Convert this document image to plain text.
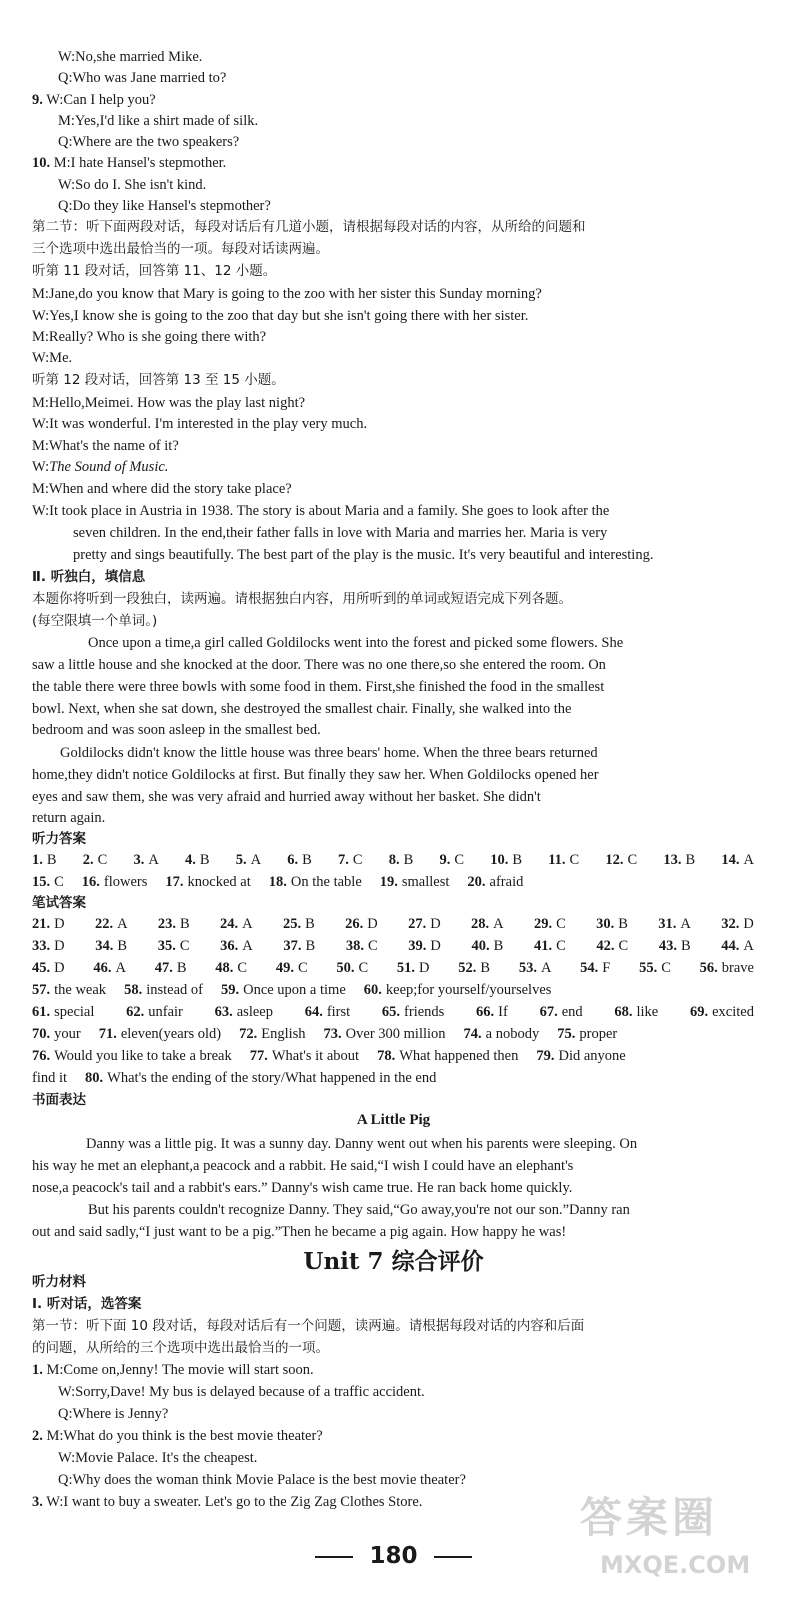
W:No,she married Mike.
Q:Who was Jane married to?
9. W:Can I help you?
M:Yes,I'd like a shirt made of silk.
Q:Where are the two speakers?
10. M:I hate Hansel's stepmother.
W:So do I. She isn't kind.
Q:Do they like Hansel's stepmother?
第二节：听下面两段对话，每段对话后有几道小题，请根据每段对话的内容，从所给的问题和
三个选项中选出最恰当的一项。每段对话读两遍。
听第 11 段对话，回答第 11、12 小题。
M:Jane,do you know that Mary is going to the zoo with her sister this Sunday morning?
W:Yes,I know she is going to the zoo that day but she isn't going there with her sister.
M:Really? Who is she going there with?
W:Me.
听第 12 段对话，回答第 13 至 15 小题。
M:Hello,Meimei. How was the play last night?
W:It was wonderful. I'm interested in the play very much.
M:What's the name of it?
W:The Sound of Music.
M:When and where did the story take place?
W:It took place in Austria in 1938. The story is about Maria and a family. She goes to look after the
seven children. In the end,their father falls in love with Maria and marries her. Maria is very
pretty and sings beautifully. The best part of the play is the music. It's very beautiful and interesting.
Ⅱ. 听独白，填信息
本题你将听到一段独白，读两遍。请根据独白内容，用所听到的单词或短语完成下列各题。
(每空限填一个单词。)
Once upon a time,a girl called Goldilocks went into the forest and picked some flowers. She
saw a little house and she knocked at the door. There was no one there,so she entered the room. On
the table there were three bowls with some food in them. First,she finished the food in the smallest
bowl. Next, when she sat down, she destroyed the smallest chair. Finally, she walked into the
bedroom and was soon asleep in the smallest bed.
Goldilocks didn't know the little house was three bears' home. When the three bears returned
home,they didn't notice Goldilocks at first. But finally they saw her. When Goldilocks opened her
eyes and saw them, she was very afraid and hurried away without her basket. She didn't
return again.
听力答案
笔试答案
书面表达
Danny was a little pig. It was a sunny day. Danny went out when his parents were sleeping. On
his way he met an elephant,a peacock and a rabbit. He said,“I wish I could have an elephant's
nose,a peacock's tail and a rabbit's ears.” Danny's wish came true. He ran back home quickly.
But his parents couldn't recognize Danny. They said,“Go away,you're not our son.”Danny ran
out and said sadly,“I just want to be a pig.”Then he became a pig again. How happy he was!
听力材料
Ⅰ. 听对话，选答案
第一节：听下面 10 段对话，每段对话后有一个问题，读两遍。请根据每段对话的内容和后面
的问题，从所给的三个选项中选出最恰当的一项。
1. M:Come on,Jenny! The movie will start soon.
W:Sorry,Dave! My bus is delayed because of a traffic accident.
Q:Where is Jenny?
2. M:What do you think is the best movie theater?
W:Movie Palace. It's the cheapest.
Q:Why does the woman think Movie Palace is the best movie theater?
3. W:I want to buy a sweater. Let's go to the Zig Zag Clothes Store.
1. B 2. C 3. A 4. B 5. A 6. B 7. C 8. B 9. C 10. B 11. C 12. C 13. B 14. A
15. C 16. flowers 17. knocked at 18. On the table 19. smallest 20. afraid
21. D 22. A 23. B 24. A 25. B 26. D 27. D 28. A 29. C 30. B 31. A 32. D
33. D 34. B 35. C 36. A 37. B 38. C 39. D 40. B 41. C 42. C 43. B 44. A
45. D 46. A 47. B 48. C 49. C 50. C 51. D 52. B 53. A 54. F 55. C 56. brave
57. the weak 58. instead of 59. Once upon a time 60. keep;for yourself/yourselves
61. special 62. unfair 63. asleep 64. first 65. friends 66. If 67. end 68. like 69. excited
70. your 71. eleven(years old) 72. English 73. Over 300 million 74. a nobody 75. proper
76. Would you like to take a break 77. What's it about 78. What happened then 79. Did anyone
find it 80. What's the ending of the story/What happened in the end
A Little Pig
Unit 7 综合评价
180
答案圈
MXQE.COM
